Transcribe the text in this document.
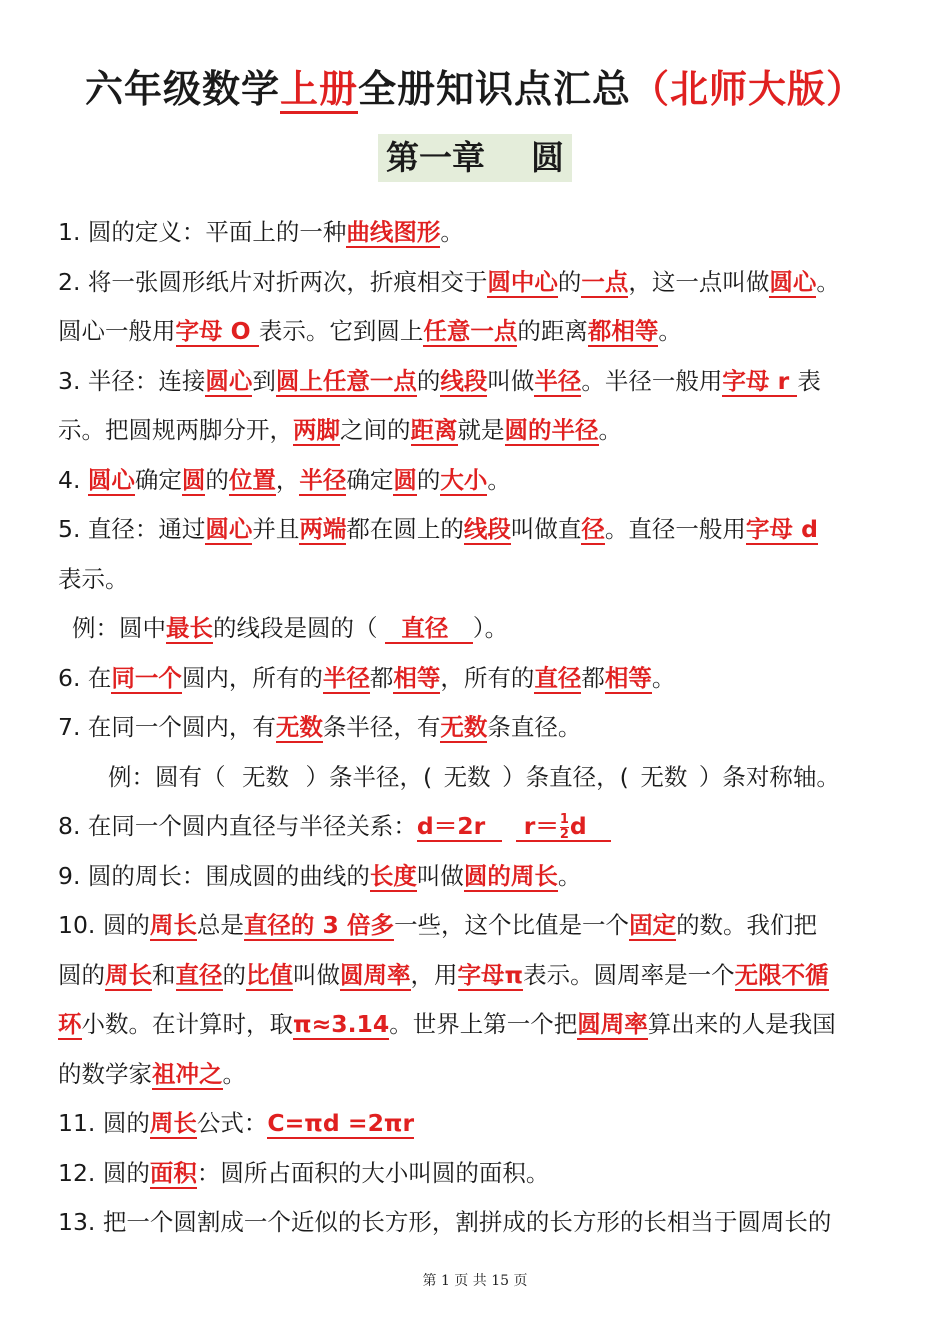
六年级数学上册全册知识点汇总（北师大版）
第一章    圆
1. 圆的定义：平面上的一种曲线图形。
2. 将一张圆形纸片对折两次，折痕相交于圆中心的一点，这一点叫做圆心。
圆心一般用字母 O 表示。它到圆上任意一点的距离都相等。
3. 半径：连接圆心到圆上任意一点的线段叫做半径。半径一般用字母 r 表
示。把圆规两脚分开，两脚之间的距离就是圆的半径。
4. 圆心确定圆的位置，半径确定圆的大小。
5. 直径：通过圆心并且两端都在圆上的线段叫做直径。直径一般用字母 d
表示。
例：圆中最长的线段是圆的（   直径   ）。
6. 在同一个圆内，所有的半径都相等，所有的直径都相等。
7. 在同一个圆内，有无数条半径，有无数条直径。
例：圆有（ 无数 ）条半径，( 无数 ）条直径，( 无数 ）条对称轴。
8. 在同一个圆内直径与半径关系：d＝2r   $r= \frac{1}{2}$ d
9. 圆的周长：围成圆的曲线的长度叫做圆的周长。
10. 圆的周长总是直径的 3 倍多一些，这个比值是一个固定的数。我们把
圆的周长和直径的比值叫做圆周率，用字母π表示。圆周率是一个无限不循
环小数。在计算时，取π≈3.14。世界上第一个把圆周率算出来的人是我国
的数学家祖冲之。
11. 圆的周长公式：C=πd =2πr
12. 圆的面积：圆所占面积的大小叫圆的面积。
13. 把一个圆割成一个近似的长方形，割拼成的长方形的长相当于圆周长的
第 1 页 共 15 页
